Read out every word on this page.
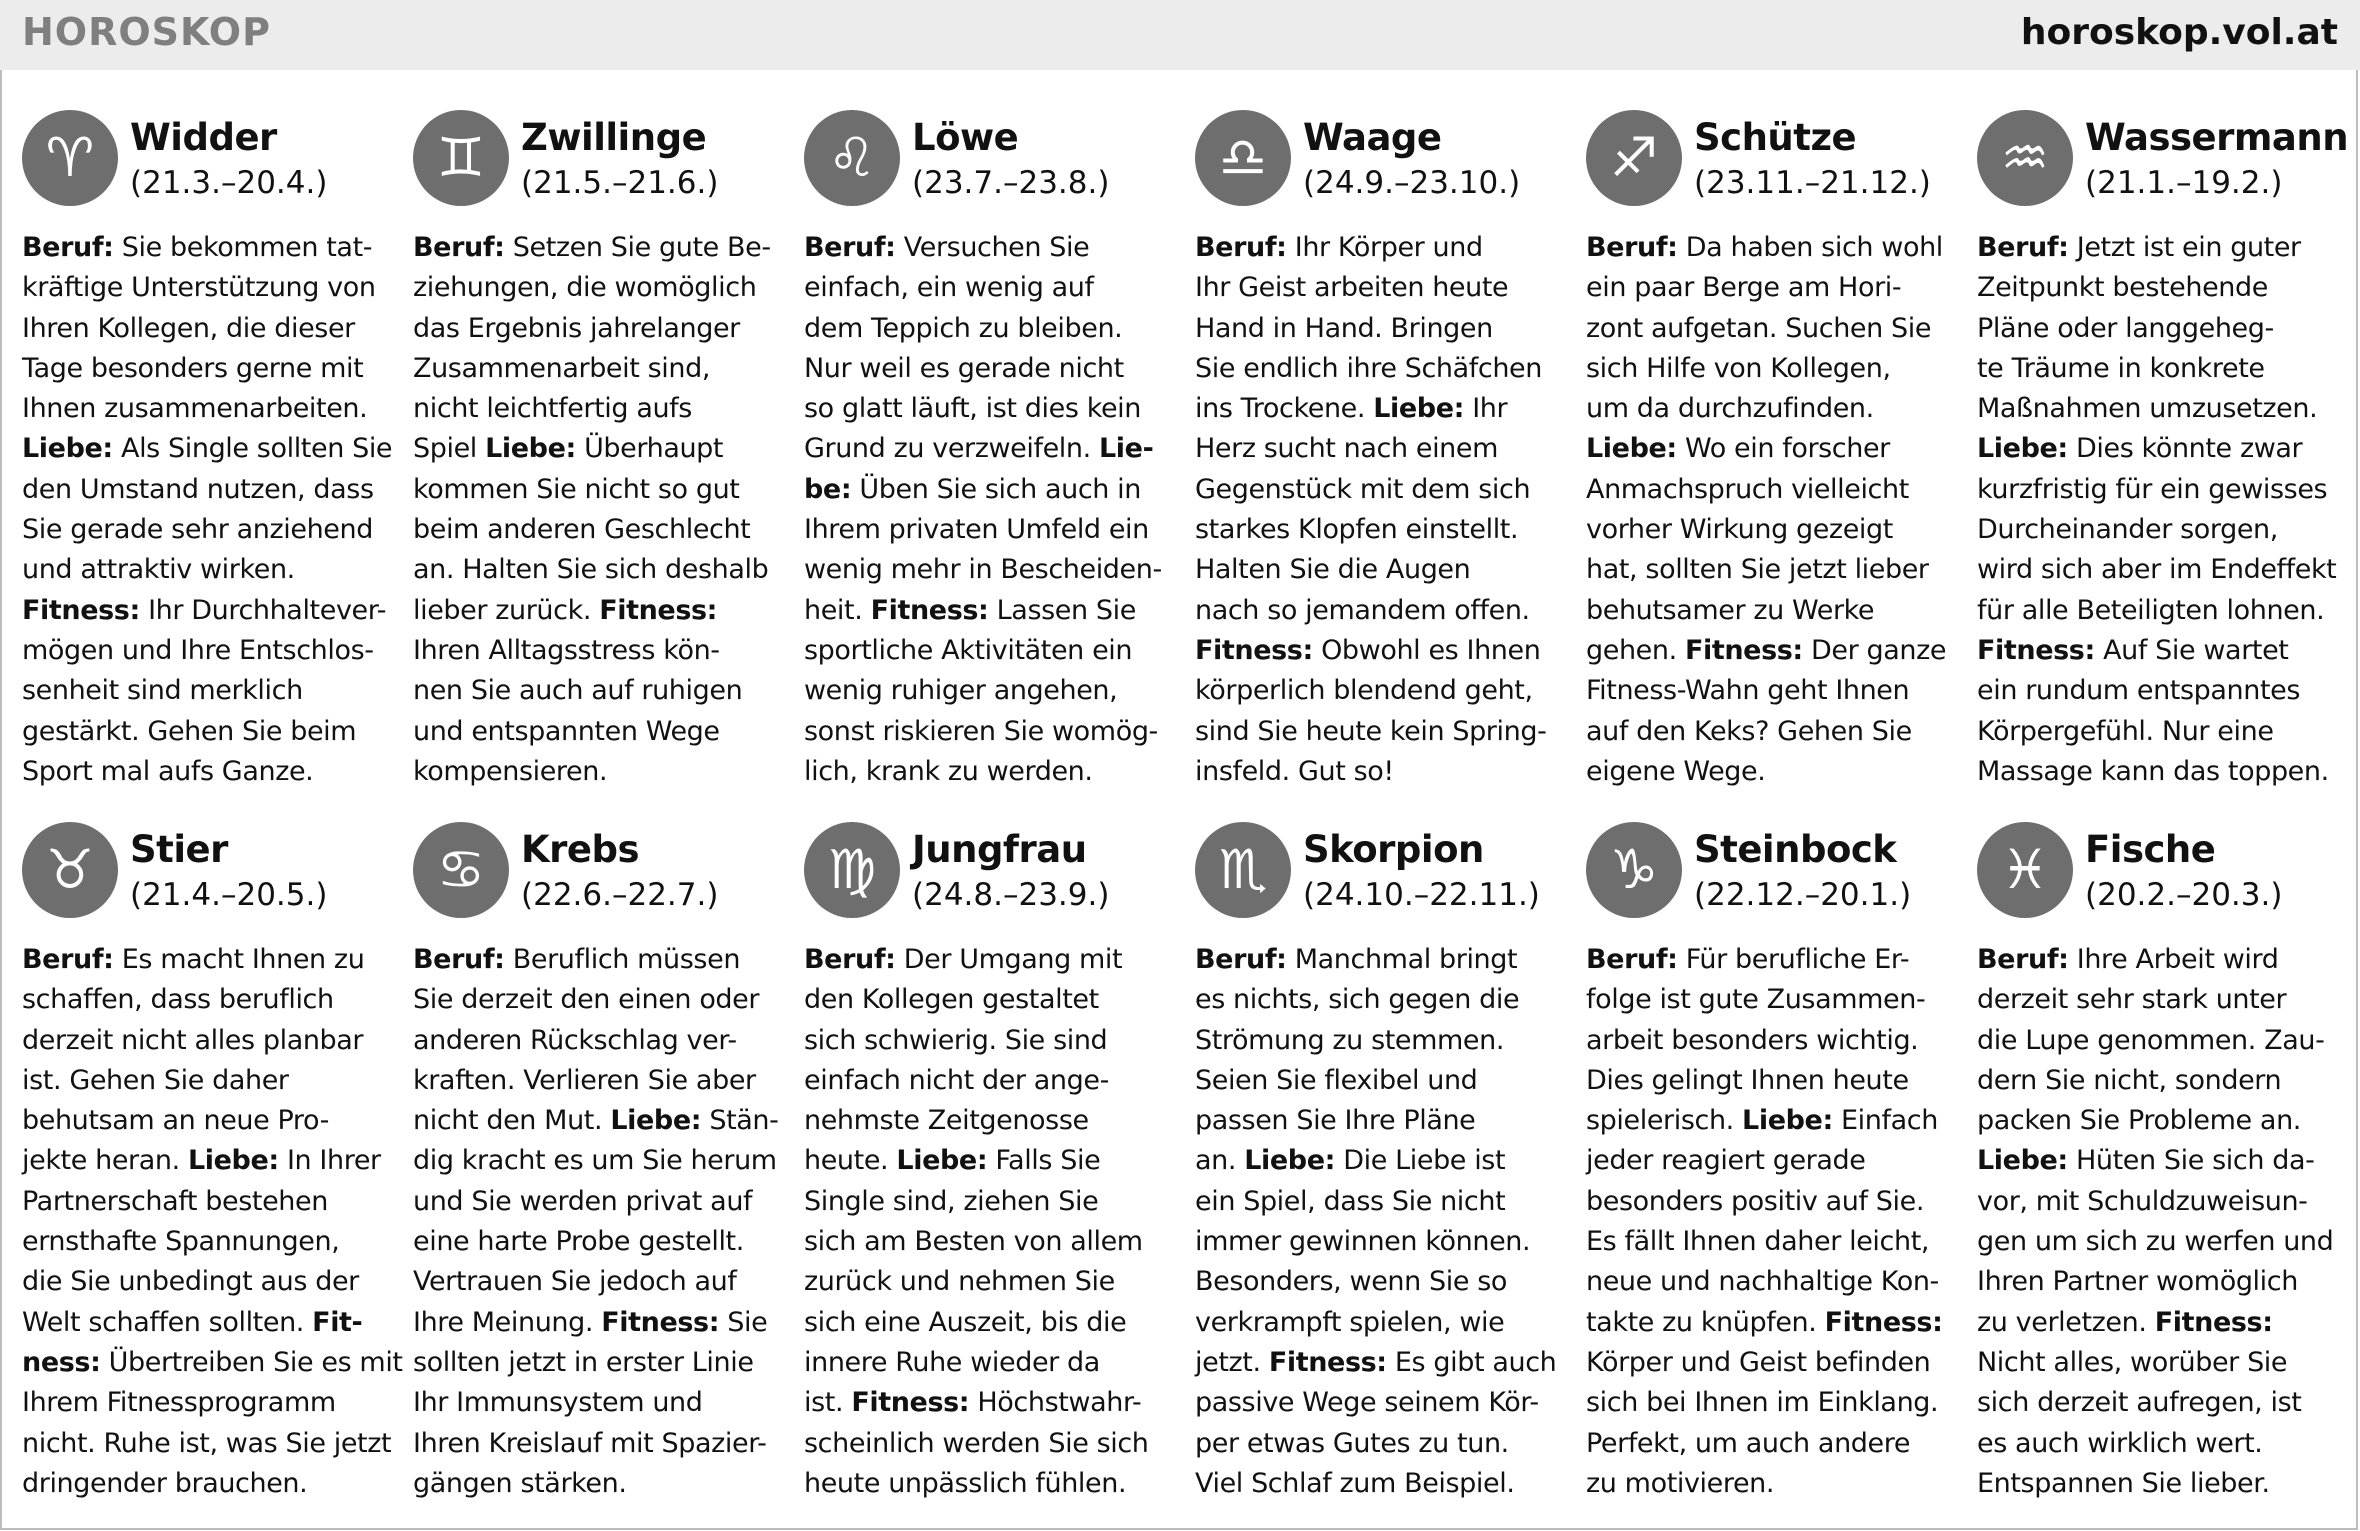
HOROSKOP	horoskop.vol.at
♈ Widder
(21.3.–20.4.)
Beruf: Sie bekommen tat-
kräftige Unterstützung von
Ihren Kollegen, die dieser
Tage besonders gerne mit
Ihnen zusammenarbeiten.
Liebe: Als Single sollten Sie
den Umstand nutzen, dass
Sie gerade sehr anziehend
und attraktiv wirken.
Fitness: Ihr Durchhaltever-
mögen und Ihre Entschlos-
senheit sind merklich
gestärkt. Gehen Sie beim
Sport mal aufs Ganze.
♊ Zwillinge
(21.5.–21.6.)
Beruf: Setzen Sie gute Be-
ziehungen, die womöglich
das Ergebnis jahrelanger
Zusammenarbeit sind,
nicht leichtfertig aufs
Spiel Liebe: Überhaupt
kommen Sie nicht so gut
beim anderen Geschlecht
an. Halten Sie sich deshalb
lieber zurück. Fitness:
Ihren Alltagsstress kön-
nen Sie auch auf ruhigen
und entspannten Wege
kompensieren.
♌ Löwe
(23.7.–23.8.)
Beruf: Versuchen Sie
einfach, ein wenig auf
dem Teppich zu bleiben.
Nur weil es gerade nicht
so glatt läuft, ist dies kein
Grund zu verzweifeln. Lie-
be: Üben Sie sich auch in
Ihrem privaten Umfeld ein
wenig mehr in Bescheiden-
heit. Fitness: Lassen Sie
sportliche Aktivitäten ein
wenig ruhiger angehen,
sonst riskieren Sie womög-
lich, krank zu werden.
♎ Waage
(24.9.–23.10.)
Beruf: Ihr Körper und
Ihr Geist arbeiten heute
Hand in Hand. Bringen
Sie endlich ihre Schäfchen
ins Trockene. Liebe: Ihr
Herz sucht nach einem
Gegenstück mit dem sich
starkes Klopfen einstellt.
Halten Sie die Augen
nach so jemandem offen.
Fitness: Obwohl es Ihnen
körperlich blendend geht,
sind Sie heute kein Spring-
insfeld. Gut so!
♐ Schütze
(23.11.–21.12.)
Beruf: Da haben sich wohl
ein paar Berge am Hori-
zont aufgetan. Suchen Sie
sich Hilfe von Kollegen,
um da durchzufinden.
Liebe: Wo ein forscher
Anmachspruch vielleicht
vorher Wirkung gezeigt
hat, sollten Sie jetzt lieber
behutsamer zu Werke
gehen. Fitness: Der ganze
Fitness-Wahn geht Ihnen
auf den Keks? Gehen Sie
eigene Wege.
♒ Wassermann
(21.1.–19.2.)
Beruf: Jetzt ist ein guter
Zeitpunkt bestehende
Pläne oder langgeheg-
te Träume in konkrete
Maßnahmen umzusetzen.
Liebe: Dies könnte zwar
kurzfristig für ein gewisses
Durcheinander sorgen,
wird sich aber im Endeffekt
für alle Beteiligten lohnen.
Fitness: Auf Sie wartet
ein rundum entspanntes
Körpergefühl. Nur eine
Massage kann das toppen.
♉ Stier
(21.4.–20.5.)
Beruf: Es macht Ihnen zu
schaffen, dass beruflich
derzeit nicht alles planbar
ist. Gehen Sie daher
behutsam an neue Pro-
jekte heran. Liebe: In Ihrer
Partnerschaft bestehen
ernsthafte Spannungen,
die Sie unbedingt aus der
Welt schaffen sollten. Fit-
ness: Übertreiben Sie es mit
Ihrem Fitnessprogramm
nicht. Ruhe ist, was Sie jetzt
dringender brauchen.
♋ Krebs
(22.6.–22.7.)
Beruf: Beruflich müssen
Sie derzeit den einen oder
anderen Rückschlag ver-
kraften. Verlieren Sie aber
nicht den Mut. Liebe: Stän-
dig kracht es um Sie herum
und Sie werden privat auf
eine harte Probe gestellt.
Vertrauen Sie jedoch auf
Ihre Meinung. Fitness: Sie
sollten jetzt in erster Linie
Ihr Immunsystem und
Ihren Kreislauf mit Spazier-
gängen stärken.
♍ Jungfrau
(24.8.–23.9.)
Beruf: Der Umgang mit
den Kollegen gestaltet
sich schwierig. Sie sind
einfach nicht der ange-
nehmste Zeitgenosse
heute. Liebe: Falls Sie
Single sind, ziehen Sie
sich am Besten von allem
zurück und nehmen Sie
sich eine Auszeit, bis die
innere Ruhe wieder da
ist. Fitness: Höchstwahr-
scheinlich werden Sie sich
heute unpässlich fühlen.
♏ Skorpion
(24.10.–22.11.)
Beruf: Manchmal bringt
es nichts, sich gegen die
Strömung zu stemmen.
Seien Sie flexibel und
passen Sie Ihre Pläne
an. Liebe: Die Liebe ist
ein Spiel, dass Sie nicht
immer gewinnen können.
Besonders, wenn Sie so
verkrampft spielen, wie
jetzt. Fitness: Es gibt auch
passive Wege seinem Kör-
per etwas Gutes zu tun.
Viel Schlaf zum Beispiel.
♑ Steinbock
(22.12.–20.1.)
Beruf: Für berufliche Er-
folge ist gute Zusammen-
arbeit besonders wichtig.
Dies gelingt Ihnen heute
spielerisch. Liebe: Einfach
jeder reagiert gerade
besonders positiv auf Sie.
Es fällt Ihnen daher leicht,
neue und nachhaltige Kon-
takte zu knüpfen. Fitness:
Körper und Geist befinden
sich bei Ihnen im Einklang.
Perfekt, um auch andere
zu motivieren.
♓ Fische
(20.2.–20.3.)
Beruf: Ihre Arbeit wird
derzeit sehr stark unter
die Lupe genommen. Zau-
dern Sie nicht, sondern
packen Sie Probleme an.
Liebe: Hüten Sie sich da-
vor, mit Schuldzuweisun-
gen um sich zu werfen und
Ihren Partner womöglich
zu verletzen. Fitness:
Nicht alles, worüber Sie
sich derzeit aufregen, ist
es auch wirklich wert.
Entspannen Sie lieber.
